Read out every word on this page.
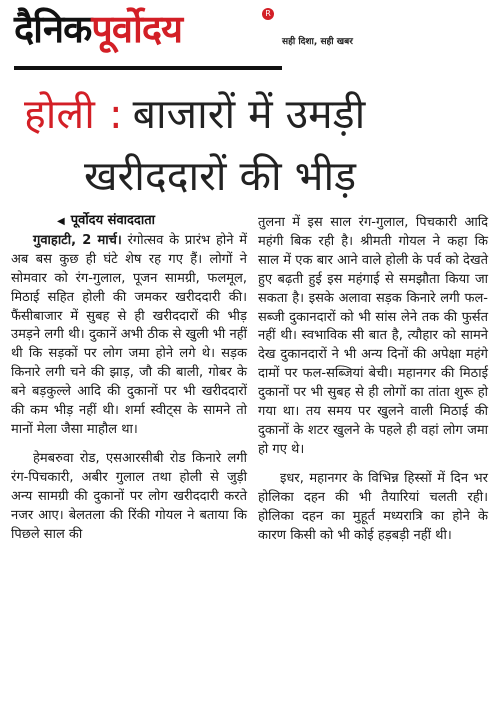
दैनिकपूर्वोदय	R
सही दिशा, सही खबर
होली : बाजारों में उमड़ी
खरीददारों की भीड़
◀ पूर्वोदय संवाददाता

गुवाहाटी, 2 मार्च। रंगोत्सव के प्रारंभ होने में अब बस कुछ ही घंटे शेष रह गए हैं। लोगों ने सोमवार को रंग-गुलाल, पूजन सामग्री, फलमूल, मिठाई सहित होली की जमकर खरीददारी की। फैंसीबाजार में सुबह से ही खरीददारों की भीड़ उमड़ने लगी थी। दुकानें अभी ठीक से खुली भी नहीं थी कि सड़कों पर लोग जमा होने लगे थे। सड़क किनारे लगी चने की झाड़, जौ की बाली, गोबर के बने बड़कुल्ले आदि की दुकानों पर भी खरीददारों की कम भीड़ नहीं थी। शर्मा स्वीट्स के सामने तो मानों मेला जैसा माहौल था।

हेमबरुवा रोड, एसआरसीबी रोड किनारे लगी रंग-पिचकारी, अबीर गुलाल तथा होली से जुड़ी अन्य सामग्री की दुकानों पर लोग खरीददारी करते नजर आए। बेलतला की रिंकी गोयल ने बताया कि पिछले साल की

तुलना में इस साल रंग-गुलाल, पिचकारी आदि महंगी बिक रही है। श्रीमती गोयल ने कहा कि साल में एक बार आने वाले होली के पर्व को देखते हुए बढ़ती हुई इस महंगाई से समझौता किया जा सकता है। इसके अलावा सड़क किनारे लगी फल-सब्जी दुकानदारों को भी सांस लेने तक की फुर्सत नहीं थी। स्वभाविक सी बात है, त्यौहार को सामने देख दुकानदारों ने भी अन्य दिनों की अपेक्षा महंगे दामों पर फल-सब्जियां बेची। महानगर की मिठाई दुकानों पर भी सुबह से ही लोगों का तांता शुरू हो गया था। तय समय पर खुलने वाली मिठाई की दुकानों के शटर खुलने के पहले ही वहां लोग जमा हो गए थे।

इधर, महानगर के विभिन्न हिस्सों में दिन भर होलिका दहन की भी तैयारियां चलती रही। होलिका दहन का मुहूर्त मध्यरात्रि का होने के कारण किसी को भी कोई हड़बड़ी नहीं थी।
